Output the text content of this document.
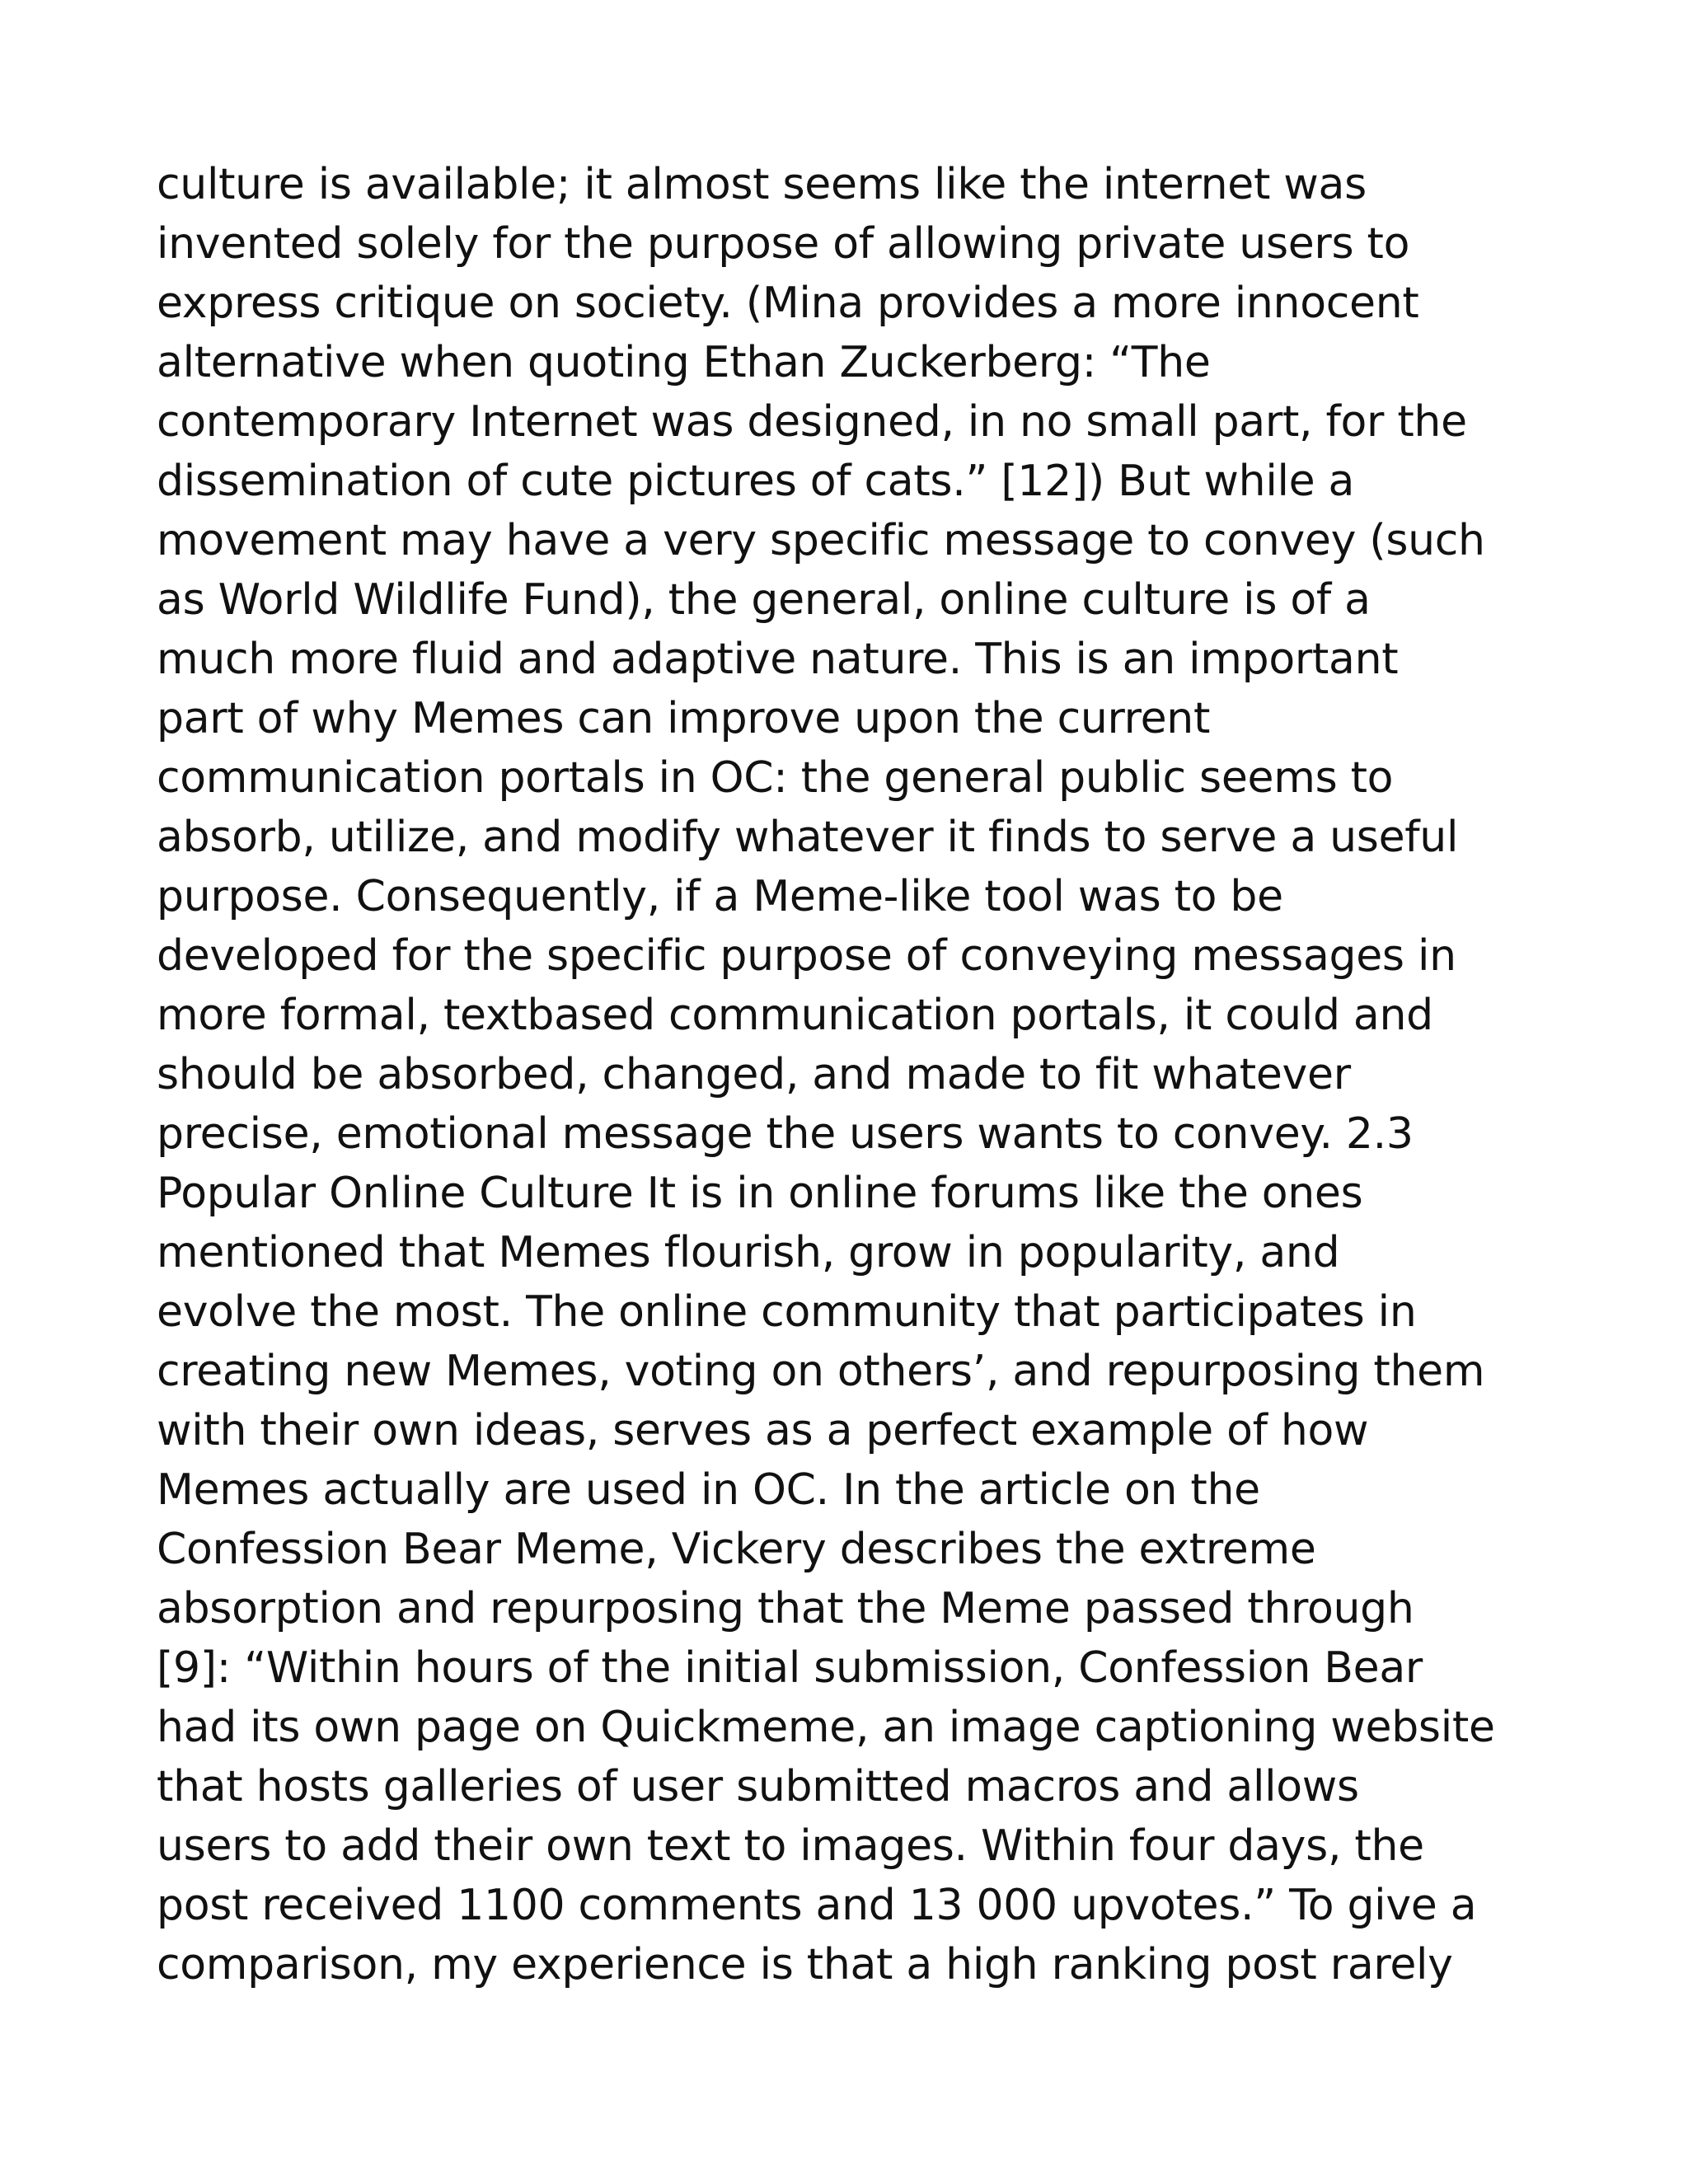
culture is available; it almost seems like the internet was
invented solely for the purpose of allowing private users to
express critique on society. (Mina provides a more innocent
alternative when quoting Ethan Zuckerberg: “The
contemporary Internet was designed, in no small part, for the
dissemination of cute pictures of cats.” [12]) But while a
movement may have a very specific message to convey (such
as World Wildlife Fund), the general, online culture is of a
much more fluid and adaptive nature. This is an important
part of why Memes can improve upon the current
communication portals in OC: the general public seems to
absorb, utilize, and modify whatever it finds to serve a useful
purpose. Consequently, if a Meme-like tool was to be
developed for the specific purpose of conveying messages in
more formal, textbased communication portals, it could and
should be absorbed, changed, and made to fit whatever
precise, emotional message the users wants to convey. 2.3
Popular Online Culture It is in online forums like the ones
mentioned that Memes flourish, grow in popularity, and
evolve the most. The online community that participates in
creating new Memes, voting on others’, and repurposing them
with their own ideas, serves as a perfect example of how
Memes actually are used in OC. In the article on the
Confession Bear Meme, Vickery describes the extreme
absorption and repurposing that the Meme passed through
[9]: “Within hours of the initial submission, Confession Bear
had its own page on Quickmeme, an image captioning website
that hosts galleries of user submitted macros and allows
users to add their own text to images. Within four days, the
post received 1100 comments and 13 000 upvotes.” To give a
comparison, my experience is that a high ranking post rarely
